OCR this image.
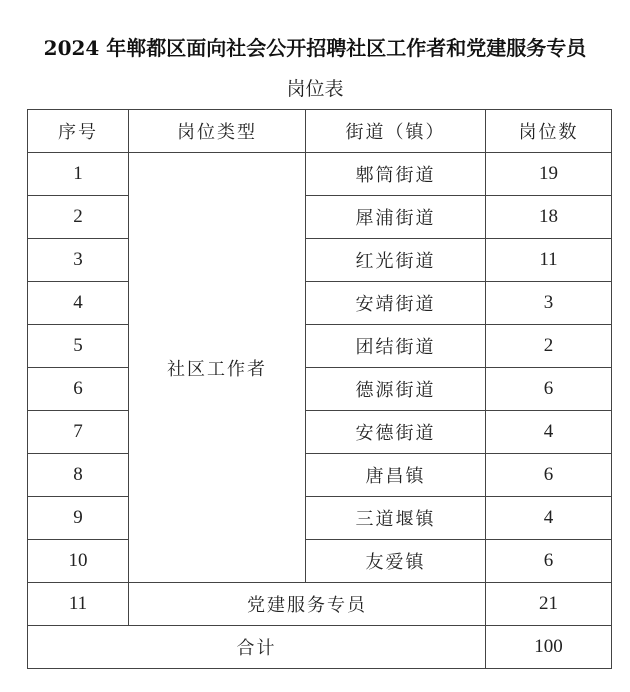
2024 年郸都区面向社会公开招聘社区工作者和党建服务专员
岗位表
序号	岗位类型	街道（镇）	岗位数
1	社区工作者	郫筒街道	19
2		犀浦街道	18
3		红光街道	11
4		安靖街道	3
5		团结街道	2
6		德源街道	6
7		安德街道	4
8		唐昌镇	6
9		三道堰镇	4
10		友爱镇	6
11	党建服务专员		21
合计			100
